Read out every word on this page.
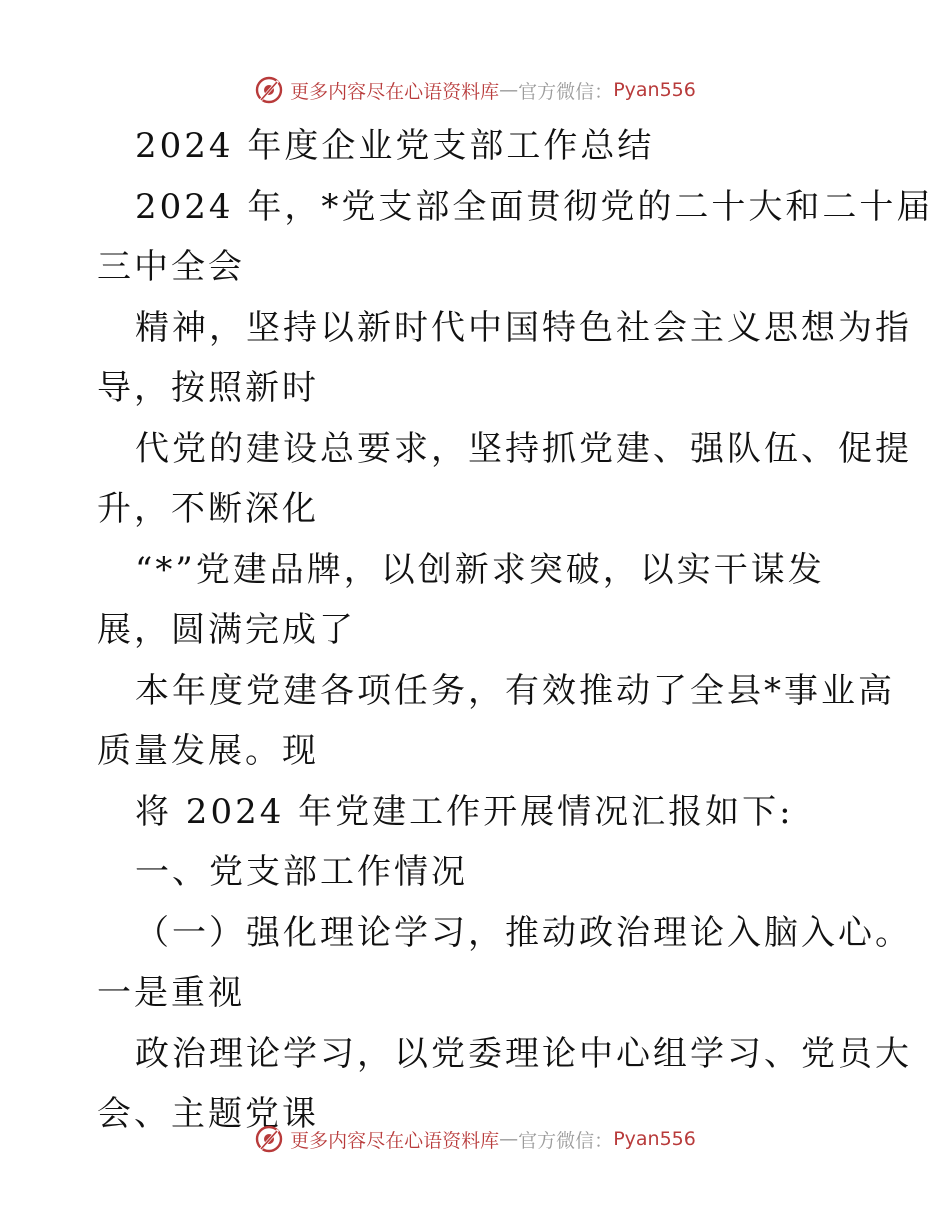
更多内容尽在心语资料库 — 官方微信： Pyan556

2024 年度企业党支部工作总结

2024 年，*党支部全面贯彻党的二十大和二十届

三中全会

精神，坚持以新时代中国特色社会主义思想为指

导，按照新时

代党的建设总要求，坚持抓党建、强队伍、促提

升，不断深化

“*”党建品牌，以创新求突破，以实干谋发

展，圆满完成了

本年度党建各项任务，有效推动了全县*事业高

质量发展。现

将 2024 年党建工作开展情况汇报如下:

一、党支部工作情况

（一）强化理论学习，推动政治理论入脑入心。

一是重视

政治理论学习，以党委理论中心组学习、党员大

会、主题党课

更多内容尽在心语资料库 — 官方微信： Pyan556
